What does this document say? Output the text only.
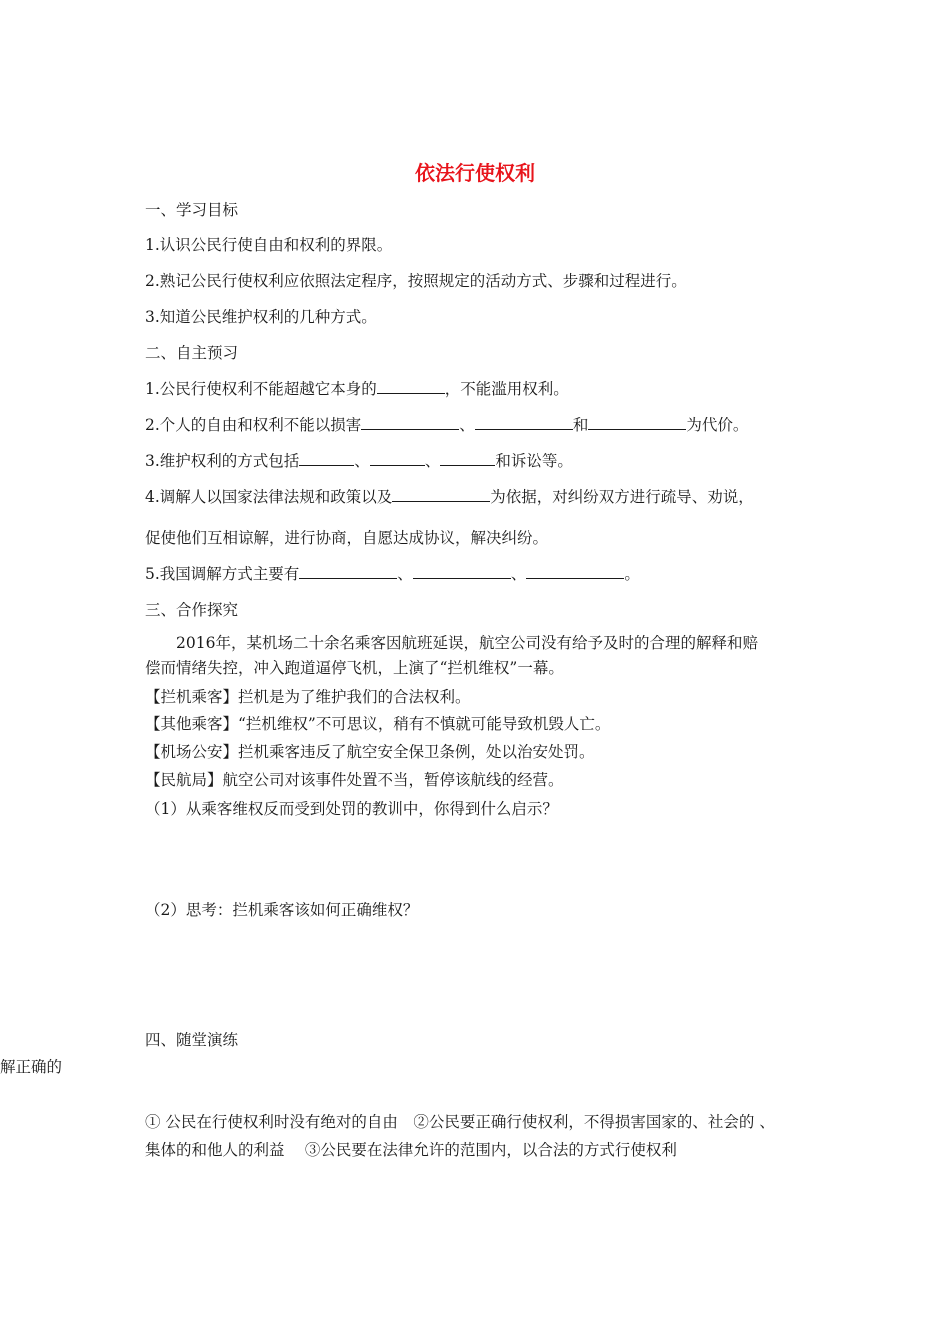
依法行使权利
一、学习目标
1.认识公民行使自由和权利的界限。
2.熟记公民行使权利应依照法定程序，按照规定的活动方式、步骤和过程进行。
3.知道公民维护权利的几种方式。
二、自主预习
1.公民行使权利不能超越它本身的	，不能滥用权利。
2.个人的自由和权利不能以损害	、	和	为代价。
3.维护权利的方式包括	、	、	和诉讼等。
4.调解人以国家法律法规和政策以及	为依据，对纠纷双方进行疏导、劝说，
促使他们互相谅解，进行协商，自愿达成协议，解决纠纷。
5.我国调解方式主要有	、	、	。
三、合作探究
2016年，某机场二十余名乘客因航班延误，航空公司没有给予及时的合理的解释和赔
偿而情绪失控，冲入跑道逼停飞机，上演了“拦机维权”一幕。
【拦机乘客】拦机是为了维护我们的合法权利。
【其他乘客】“拦机维权”不可思议，稍有不慎就可能导致机毁人亡。
【机场公安】拦机乘客违反了航空安全保卫条例，处以治安处罚。
【民航局】航空公司对该事件处置不当，暂停该航线的经营。
（1）从乘客维权反而受到处罚的教训中，你得到什么启示？
（2）思考：拦机乘客该如何正确维权？
四、随堂演练
解正确的
① 公民在行使权利时没有绝对的自由　②公民要正确行使权利，不得损害国家的、社会的 、
集体的和他人的利益　 ③公民要在法律允许的范围内，以合法的方式行使权利
